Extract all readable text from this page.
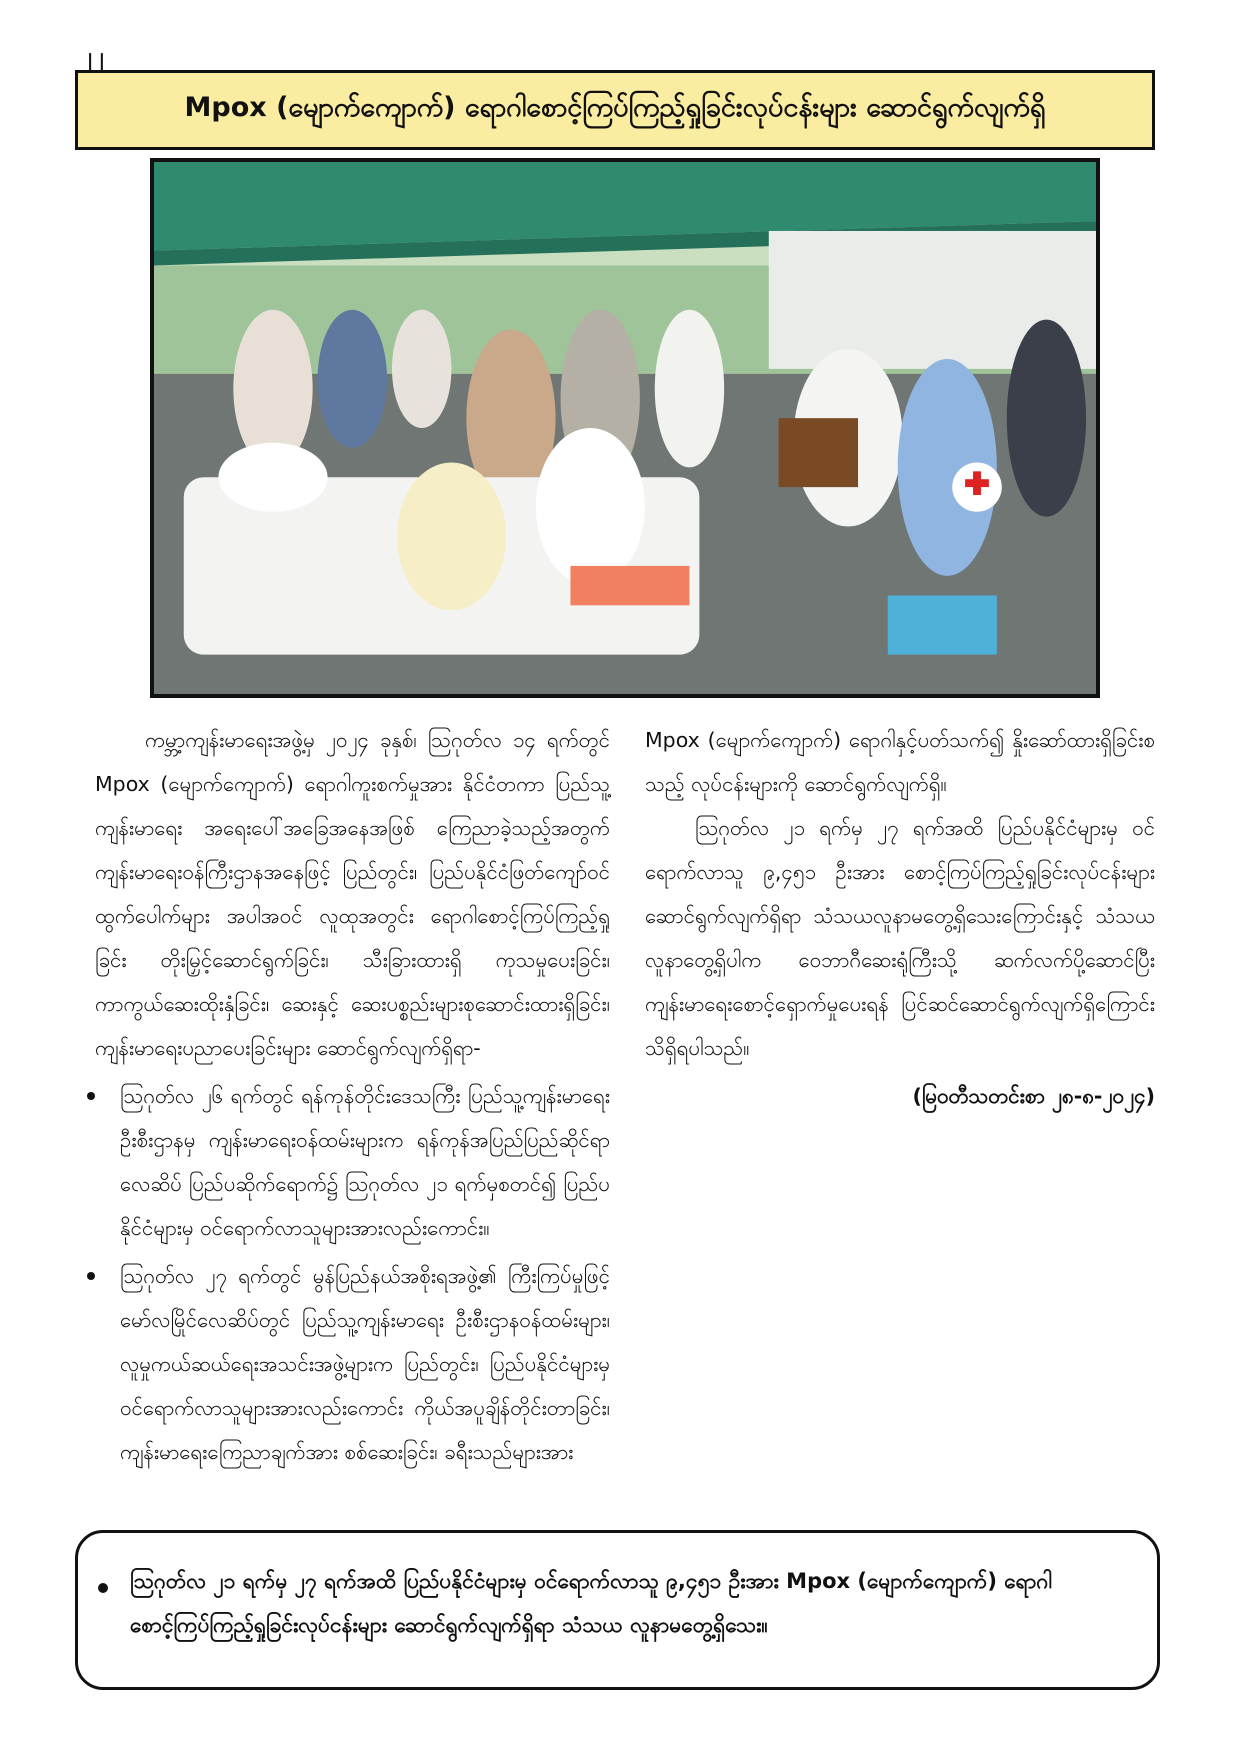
၂၂
Mpox (မျောက်ကျောက်) ရောဂါစောင့်ကြပ်ကြည့်ရှုခြင်းလုပ်ငန်းများ ဆောင်ရွက်လျက်ရှိ

ကမ္ဘာ့ကျန်းမာရေးအဖွဲ့မှ ၂၀၂၄ ခုနှစ်၊ ဩဂုတ်လ ၁၄ ရက်တွင် Mpox (မျောက်ကျောက်) ရောဂါကူးစက်မှုအား နိုင်ငံတကာ ပြည်သူ့ကျန်းမာရေး အရေးပေါ်အခြေအနေအဖြစ် ကြေညာခဲ့သည့်အတွက် ကျန်းမာရေးဝန်ကြီးဌာနအနေဖြင့် ပြည်တွင်း၊ ပြည်ပနိုင်ငံဖြတ်ကျော်ဝင်ထွက်ပေါက်များ အပါအဝင် လူထုအတွင်း ရောဂါစောင့်ကြပ်ကြည့်ရှုခြင်း တိုးမြှင့်ဆောင်ရွက်ခြင်း၊ သီးခြားထားရှိ ကုသမှုပေးခြင်း၊ ကာကွယ်ဆေးထိုးနှံခြင်း၊ ဆေးနှင့် ဆေးပစ္စည်းများစုဆောင်းထားရှိခြင်း၊ ကျန်းမာရေးပညာပေးခြင်းများ ဆောင်ရွက်လျက်ရှိရာ-

ဩဂုတ်လ ၂၆ ရက်တွင် ရန်ကုန်တိုင်းဒေသကြီး ပြည်သူ့ကျန်းမာရေးဦးစီးဌာနမှ ကျန်းမာရေးဝန်ထမ်းများက ရန်ကုန်အပြည်ပြည်ဆိုင်ရာလေဆိပ် ပြည်ပဆိုက်ရောက်၌ ဩဂုတ်လ ၂၁ ရက်မှစတင်၍ ပြည်ပနိုင်ငံများမှ ဝင်ရောက်လာသူများအားလည်းကောင်း။
ဩဂုတ်လ ၂၇ ရက်တွင် မွန်ပြည်နယ်အစိုးရအဖွဲ့၏ ကြီးကြပ်မှုဖြင့် မော်လမြိုင်လေဆိပ်တွင် ပြည်သူ့ကျန်းမာရေး ဦးစီးဌာနဝန်ထမ်းများ၊ လူမှုကယ်ဆယ်ရေးအသင်းအဖွဲ့များက ပြည်တွင်း၊ ပြည်ပနိုင်ငံများမှ ဝင်ရောက်လာသူများအားလည်းကောင်း ကိုယ်အပူချိန်တိုင်းတာခြင်း၊ ကျန်းမာရေးကြေညာချက်အား စစ်ဆေးခြင်း၊ ခရီးသည်များအား

Mpox (မျောက်ကျောက်) ရောဂါနှင့်ပတ်သက်၍ နှိုးဆော်ထားရှိခြင်းစသည့် လုပ်ငန်းများကို ဆောင်ရွက်လျက်ရှိ။

ဩဂုတ်လ ၂၁ ရက်မှ ၂၇ ရက်အထိ ပြည်ပနိုင်ငံများမှ ဝင်ရောက်လာသူ ၉,၄၅၁ ဦးအား စောင့်ကြပ်ကြည့်ရှုခြင်းလုပ်ငန်းများ ဆောင်ရွက်လျက်ရှိရာ သံသယလူနာမတွေ့ရှိသေးကြောင်းနှင့် သံသယလူနာတွေ့ရှိပါက ဝေဘာဂီဆေးရုံကြီးသို့ ဆက်လက်ပို့ဆောင်ပြီး ကျန်းမာရေးစောင့်ရှောက်မှုပေးရန် ပြင်ဆင်ဆောင်ရွက်လျက်ရှိကြောင်း သိရှိရပါသည်။

(မြဝတီသတင်းစာ ၂၈-၈-၂၀၂၄)

ဩဂုတ်လ ၂၁ ရက်မှ ၂၇ ရက်အထိ ပြည်ပနိုင်ငံများမှ ဝင်ရောက်လာသူ ၉,၄၅၁ ဦးအား Mpox (မျောက်ကျောက်) ရောဂါ စောင့်ကြပ်ကြည့်ရှုခြင်းလုပ်ငန်းများ ဆောင်ရွက်လျက်ရှိရာ သံသယ လူနာမတွေ့ရှိသေး။
